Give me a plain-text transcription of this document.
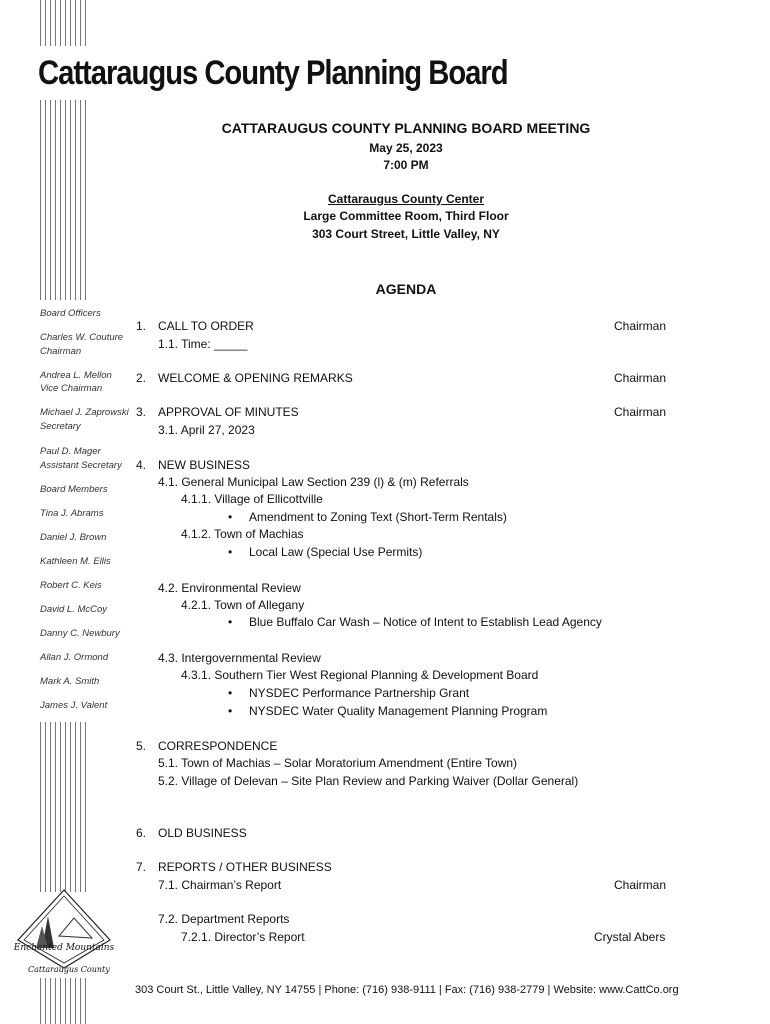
Cattaraugus County Planning Board
CATTARAUGUS COUNTY PLANNING BOARD MEETING
May 25, 2023
7:00 PM
Cattaraugus County Center
Large Committee Room, Third Floor
303 Court Street, Little Valley, NY
AGENDA
Board Officers
Charles W. Couture
Chairman
Andrea L. Mellon
Vice Chairman
Michael J. Zaprowski
Secretary
Paul D. Mager
Assistant Secretary
Board Members
Tina J. Abrams
Daniel J. Brown
Kathleen M. Ellis
Robert C. Keis
David L. McCoy
Danny C. Newbury
Allan J. Ormond
Mark A. Smith
James J. Valent
1. CALL TO ORDER	Chairman
1.1. Time: _____
2. WELCOME & OPENING REMARKS	Chairman
3. APPROVAL OF MINUTES	Chairman
3.1. April 27, 2023
4. NEW BUSINESS
4.1. General Municipal Law Section 239 (l) & (m) Referrals
4.1.1. Village of Ellicottville
• Amendment to Zoning Text (Short-Term Rentals)
4.1.2. Town of Machias
• Local Law (Special Use Permits)
4.2. Environmental Review
4.2.1. Town of Allegany
• Blue Buffalo Car Wash – Notice of Intent to Establish Lead Agency
4.3. Intergovernmental Review
4.3.1. Southern Tier West Regional Planning & Development Board
• NYSDEC Performance Partnership Grant
• NYSDEC Water Quality Management Planning Program
5. CORRESPONDENCE
5.1. Town of Machias – Solar Moratorium Amendment (Entire Town)
5.2. Village of Delevan – Site Plan Review and Parking Waiver (Dollar General)
6. OLD BUSINESS
7. REPORTS / OTHER BUSINESS
7.1. Chairman’s Report	Chairman
7.2. Department Reports
7.2.1. Director’s Report	Crystal Abers
Enchanted Mountains
Cattaraugus County
303 Court St., Little Valley, NY 14755 | Phone: (716) 938-9111 | Fax: (716) 938-2779 | Website: www.CattCo.org
